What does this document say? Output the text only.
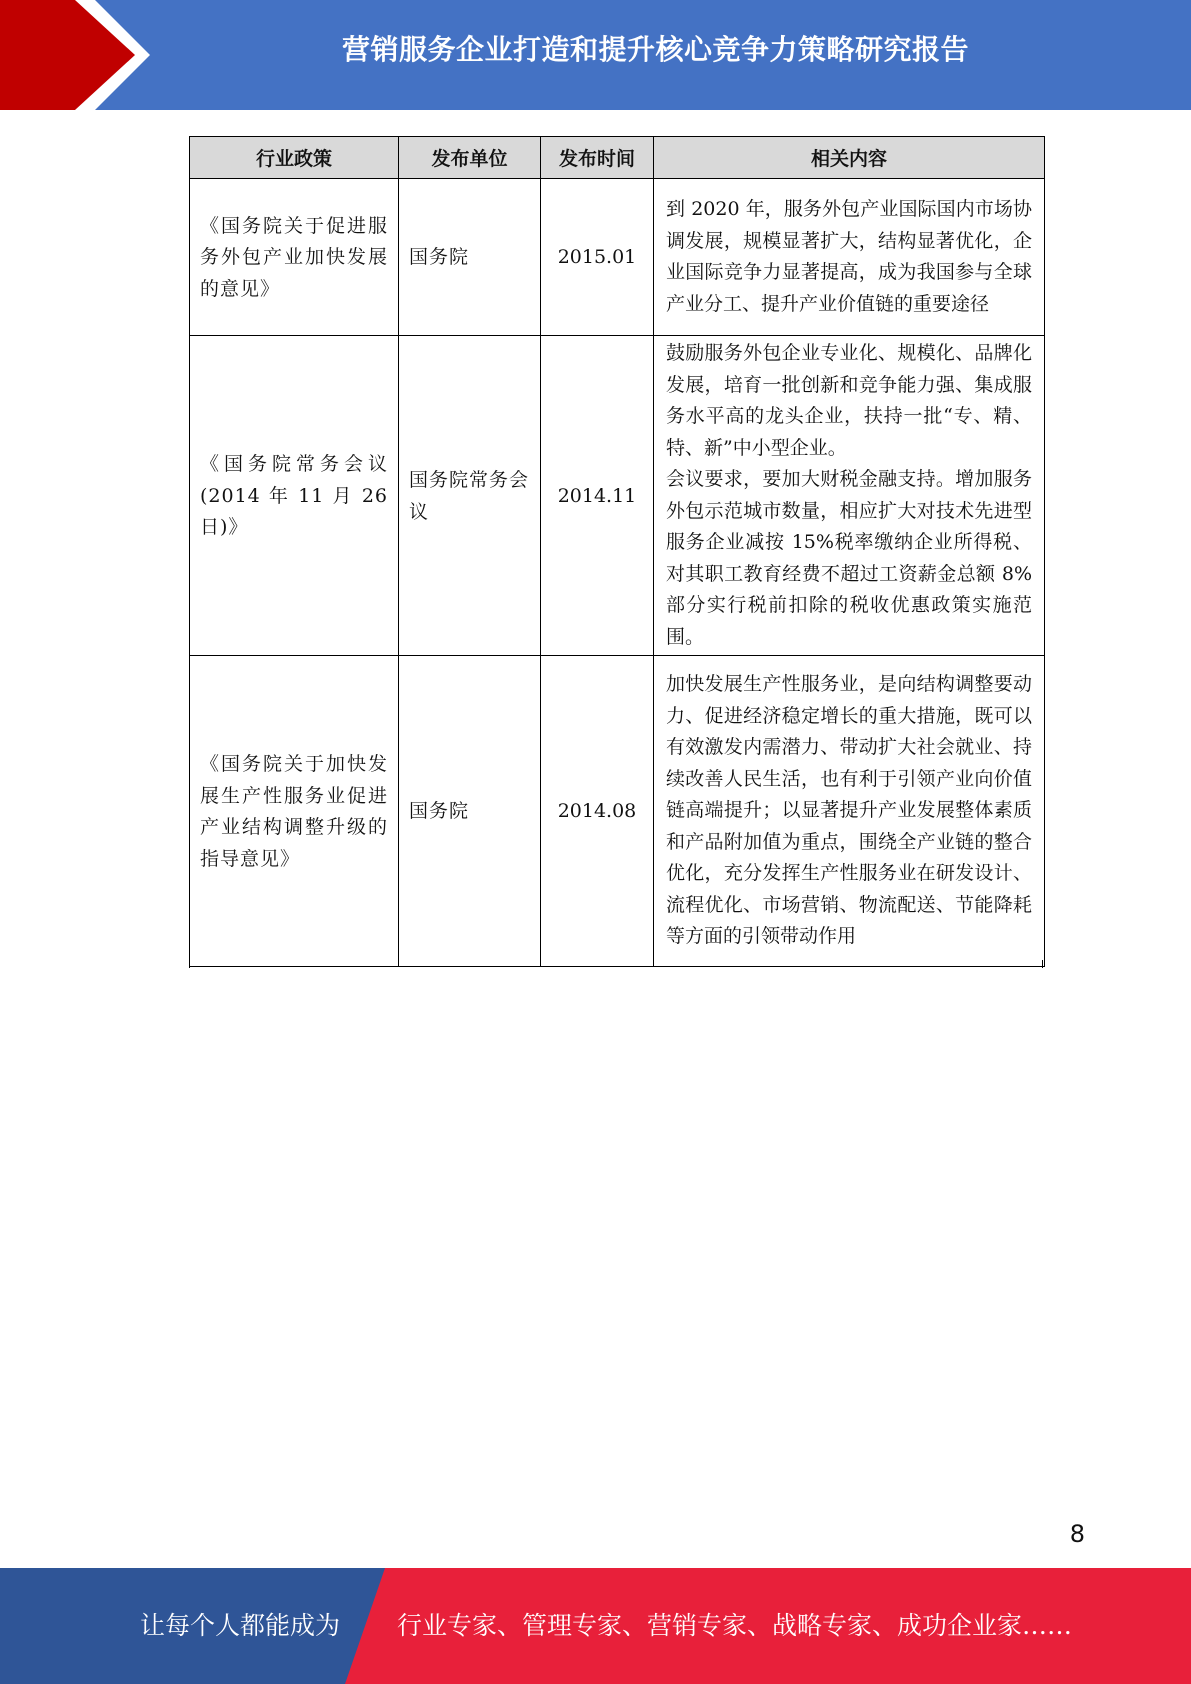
营销服务企业打造和提升核心竞争力策略研究报告
行业政策	发布单位	发布时间	相关内容
《国务院关于促进服务外包产业加快发展的意见》	国务院	2015.01	到 2020 年，服务外包产业国际国内市场协调发展，规模显著扩大，结构显著优化，企业国际竞争力显著提高，成为我国参与全球产业分工、提升产业价值链的重要途径

《国务院常务会议(2014 年 11 月 26 日)》	国务院常务会议	2014.11	鼓励服务外包企业专业化、规模化、品牌化发展，培育一批创新和竞争能力强、集成服务水平高的龙头企业，扶持一批“专、精、特、新”中小型企业。
会议要求，要加大财税金融支持。增加服务外包示范城市数量，相应扩大对技术先进型服务企业减按 15%税率缴纳企业所得税、对其职工教育经费不超过工资薪金总额 8%部分实行税前扣除的税收优惠政策实施范围。

《国务院关于加快发展生产性服务业促进产业结构调整升级的指导意见》	国务院	2014.08	加快发展生产性服务业，是向结构调整要动力、促进经济稳定增长的重大措施，既可以有效激发内需潜力、带动扩大社会就业、持续改善人民生活，也有利于引领产业向价值链高端提升；以显著提升产业发展整体素质和产品附加值为重点，围绕全产业链的整合优化，充分发挥生产性服务业在研发设计、流程优化、市场营销、物流配送、节能降耗等方面的引领带动作用
8
让每个人都能成为 行业专家、管理专家、营销专家、战略专家、成功企业家……
